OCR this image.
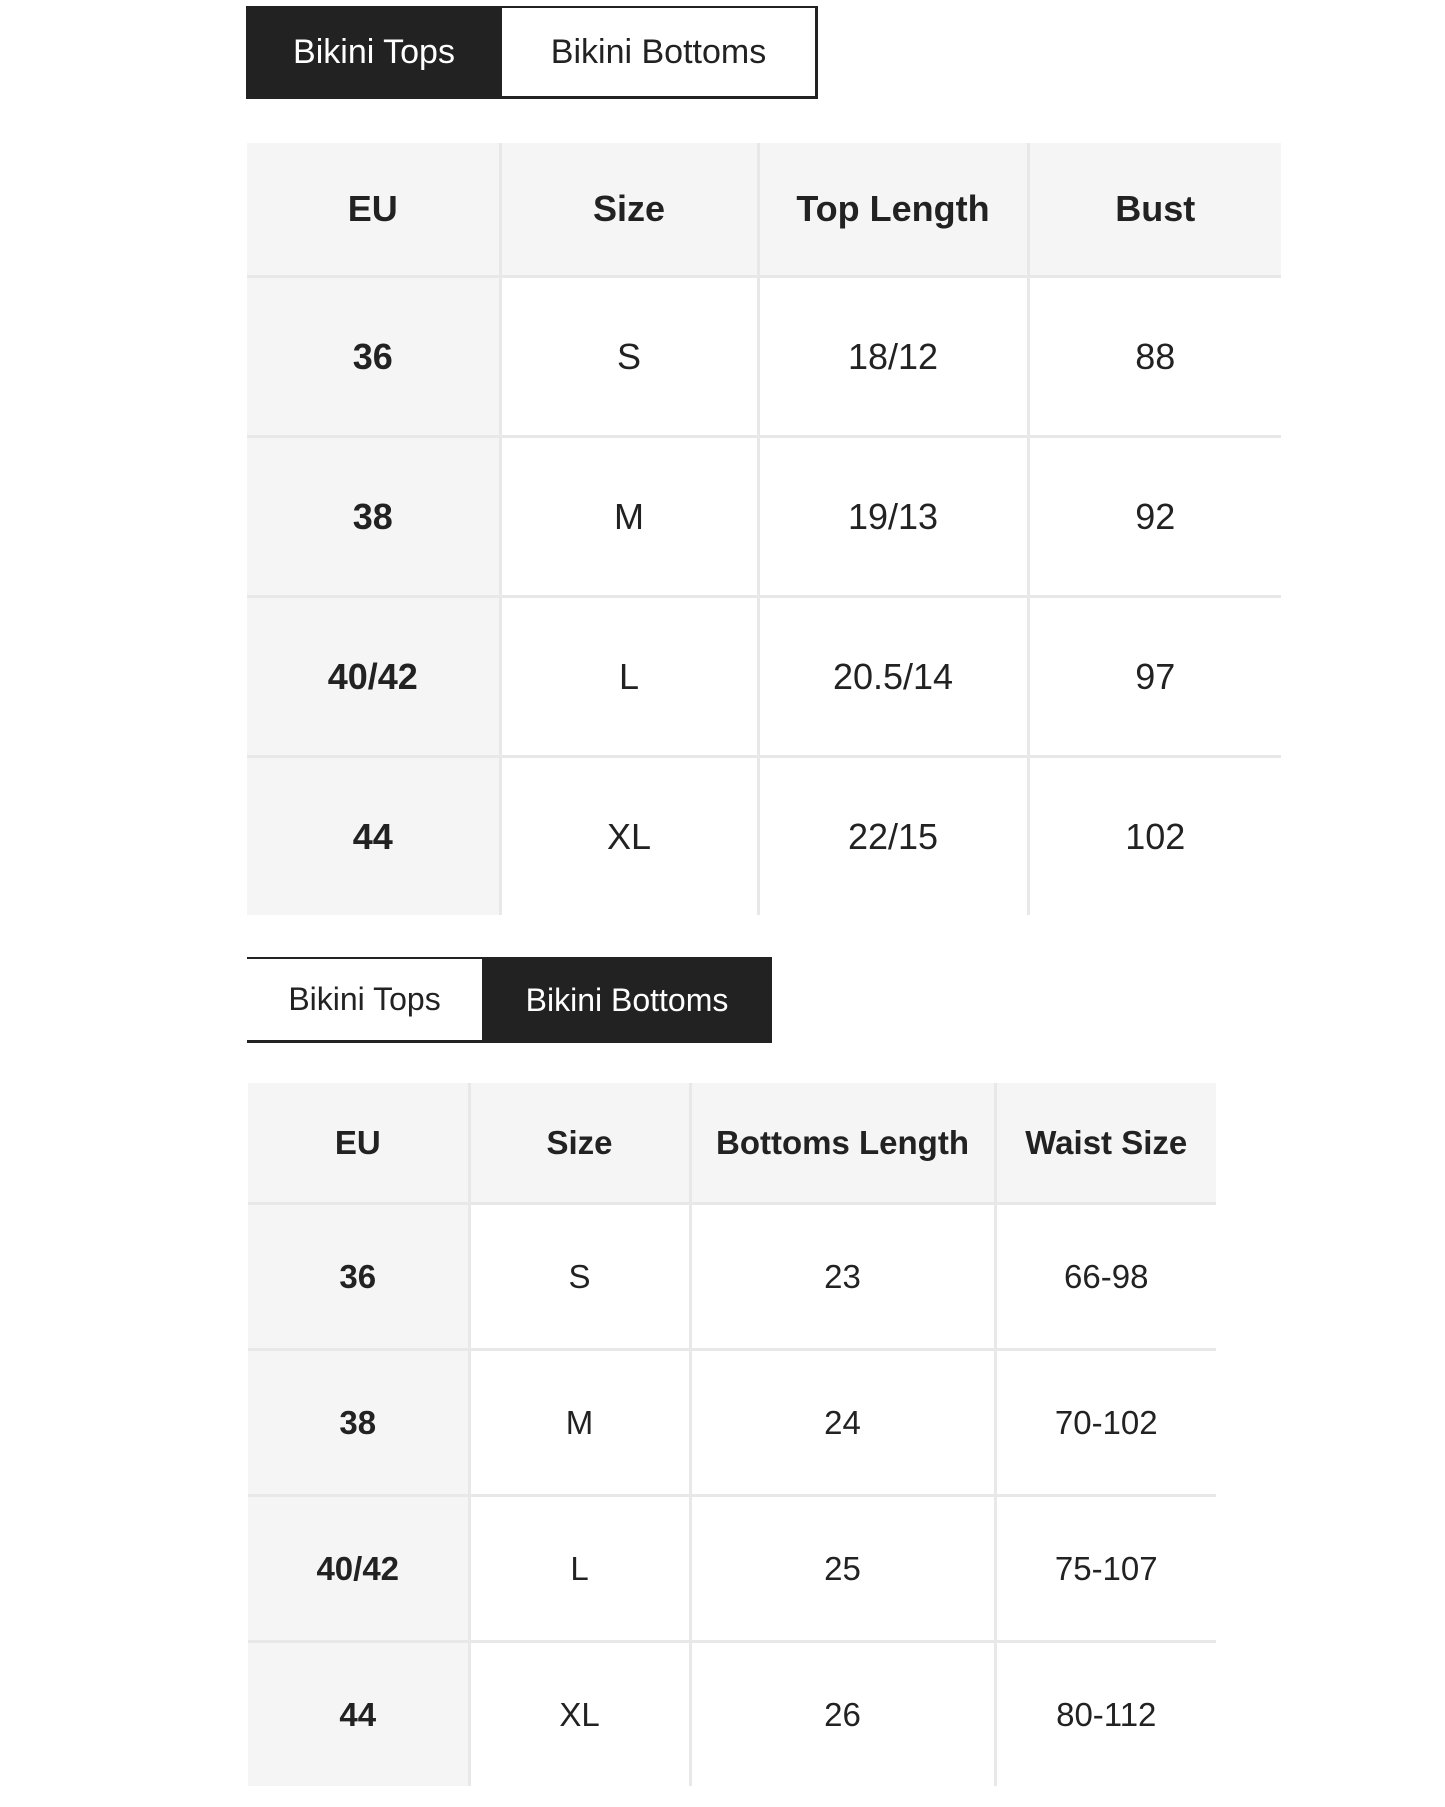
Bikini Tops	Bikini Bottoms
EU	Size	Top Length	Bust
36	S	18/12	88
38	M	19/13	92
40/42	L	20.5/14	97
44	XL	22/15	102
Bikini Tops	Bikini Bottoms
EU	Size	Bottoms Length	Waist Size
36	S	23	66-98
38	M	24	70-102
40/42	L	25	75-107
44	XL	26	80-112
